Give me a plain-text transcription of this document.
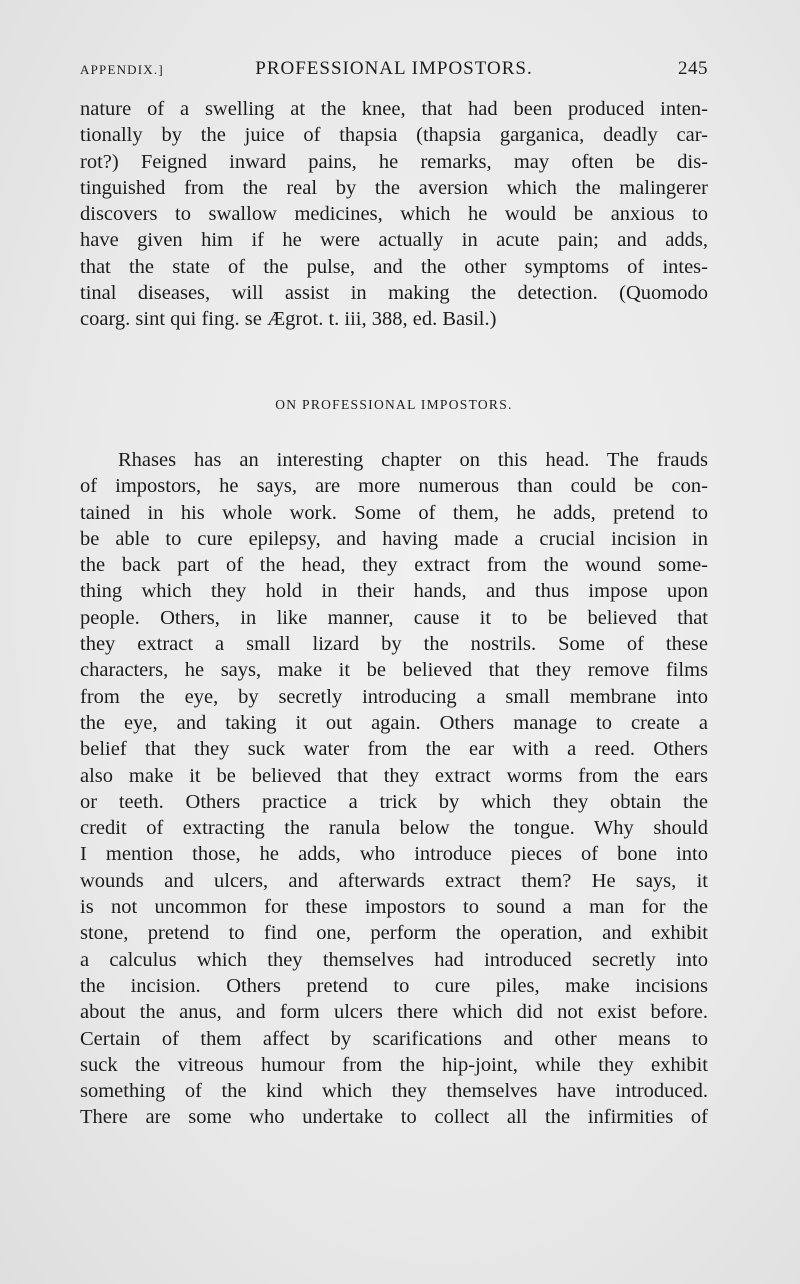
APPENDIX.]	PROFESSIONAL IMPOSTORS.	245
nature of a swelling at the knee, that had been produced inten-
tionally by the juice of thapsia (thapsia garganica, deadly car-
rot?) Feigned inward pains, he remarks, may often be dis-
tinguished from the real by the aversion which the malingerer
discovers to swallow medicines, which he would be anxious to
have given him if he were actually in acute pain; and adds,
that the state of the pulse, and the other symptoms of intes-
tinal diseases, will assist in making the detection. (Quomodo
coarg. sint qui fing. se Ægrot. t. iii, 388, ed. Basil.)
ON PROFESSIONAL IMPOSTORS.
Rhases has an interesting chapter on this head. The frauds
of impostors, he says, are more numerous than could be con-
tained in his whole work. Some of them, he adds, pretend to
be able to cure epilepsy, and having made a crucial incision in
the back part of the head, they extract from the wound some-
thing which they hold in their hands, and thus impose upon
people. Others, in like manner, cause it to be believed that
they extract a small lizard by the nostrils. Some of these
characters, he says, make it be believed that they remove films
from the eye, by secretly introducing a small membrane into
the eye, and taking it out again. Others manage to create a
belief that they suck water from the ear with a reed. Others
also make it be believed that they extract worms from the ears
or teeth. Others practice a trick by which they obtain the
credit of extracting the ranula below the tongue. Why should
I mention those, he adds, who introduce pieces of bone into
wounds and ulcers, and afterwards extract them? He says, it
is not uncommon for these impostors to sound a man for the
stone, pretend to find one, perform the operation, and exhibit
a calculus which they themselves had introduced secretly into
the incision. Others pretend to cure piles, make incisions
about the anus, and form ulcers there which did not exist before.
Certain of them affect by scarifications and other means to
suck the vitreous humour from the hip-joint, while they exhibit
something of the kind which they themselves have introduced.
There are some who undertake to collect all the infirmities of
